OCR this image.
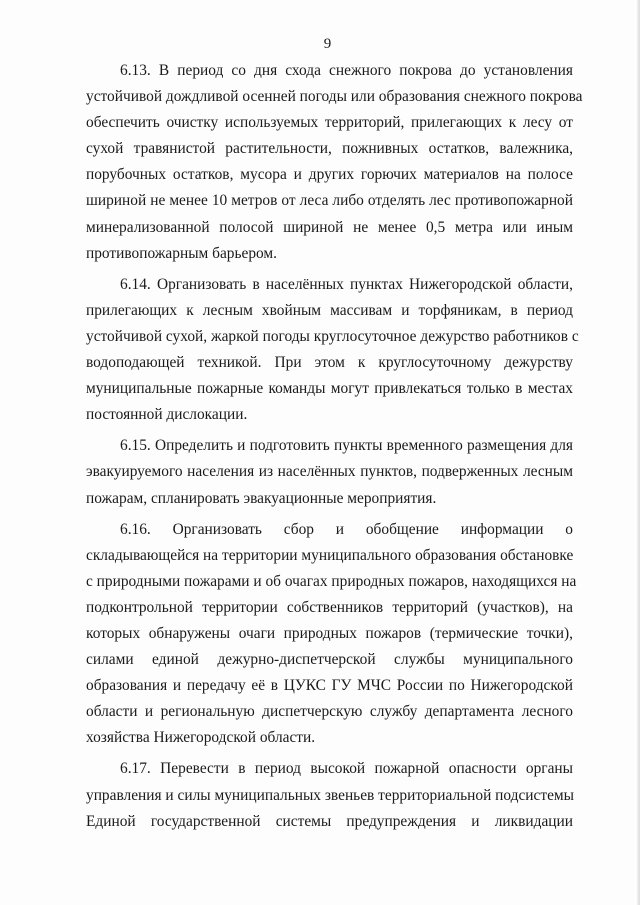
9

6.13. В период со дня схода снежного покрова до установления
устойчивой дождливой осенней погоды или образования снежного покрова
обеспечить очистку используемых территорий, прилегающих к лесу от
сухой травянистой растительности, пожнивных остатков, валежника,
порубочных остатков, мусора и других горючих материалов на полосе
шириной не менее 10 метров от леса либо отделять лес противопожарной
минерализованной полосой шириной не менее 0,5 метра или иным
противопожарным барьером.

6.14. Организовать в населённых пунктах Нижегородской области,
прилегающих к лесным хвойным массивам и торфяникам, в период
устойчивой сухой, жаркой погоды круглосуточное дежурство работников с
водоподающей техникой. При этом к круглосуточному дежурству
муниципальные пожарные команды могут привлекаться только в местах
постоянной дислокации.

6.15. Определить и подготовить пункты временного размещения для
эвакуируемого населения из населённых пунктов, подверженных лесным
пожарам, спланировать эвакуационные мероприятия.

6.16. Организовать сбор и обобщение информации о
складывающейся на территории муниципального образования обстановке
с природными пожарами и об очагах природных пожаров, находящихся на
подконтрольной территории собственников территорий (участков), на
которых обнаружены очаги природных пожаров (термические точки),
силами единой дежурно-диспетчерской службы муниципального
образования и передачу её в ЦУКС ГУ МЧС России по Нижегородской
области и региональную диспетчерскую службу департамента лесного
хозяйства Нижегородской области.

6.17. Перевести в период высокой пожарной опасности органы
управления и силы муниципальных звеньев территориальной подсистемы
Единой государственной системы предупреждения и ликвидации
